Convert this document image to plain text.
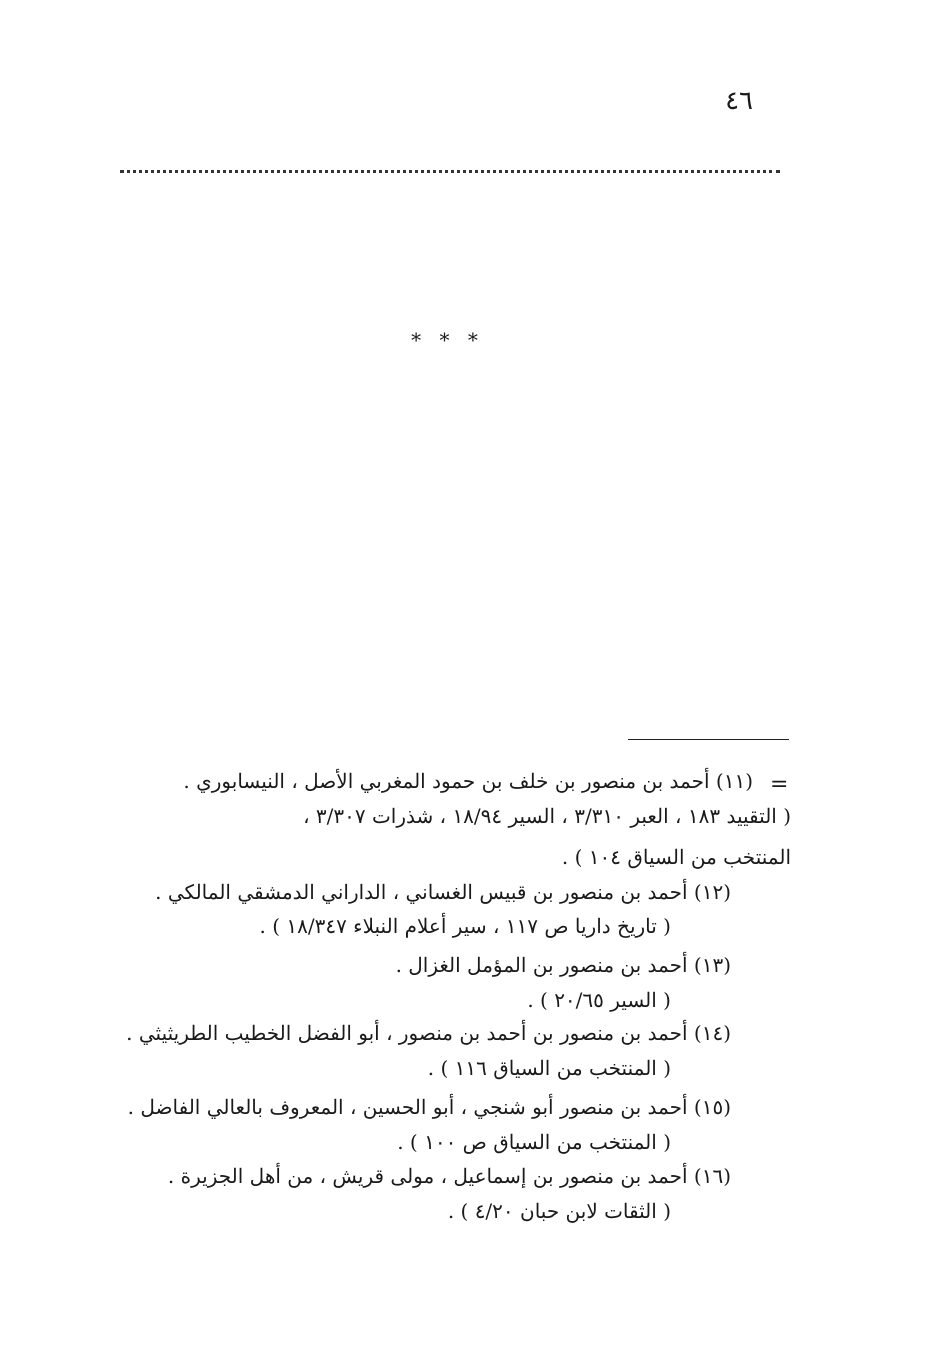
٤٦
* * *
=
(١١) أحمد بن منصور بن خلف بن حمود المغربي الأصل ، النيسابوري .
( التقييد ١٨٣ ، العبر ٣/٣١٠ ، السير ١٨/٩٤ ، شذرات ٣/٣٠٧ ،
المنتخب من السياق ١٠٤ ) .
(١٢) أحمد بن منصور بن قبيس الغساني ، الداراني الدمشقي المالكي .
( تاريخ داريا ص ١١٧ ، سير أعلام النبلاء ١٨/٣٤٧ ) .
(١٣) أحمد بن منصور بن المؤمل الغزال .
( السير ٢٠/٦٥ ) .
(١٤) أحمد بن منصور بن أحمد بن منصور ، أبو الفضل الخطيب الطريثيثي .
( المنتخب من السياق ١١٦ ) .
(١٥) أحمد بن منصور أبو شنجي ، أبو الحسين ، المعروف بالعالي الفاضل .
( المنتخب من السياق ص ١٠٠ ) .
(١٦) أحمد بن منصور بن إسماعيل ، مولى قريش ، من أهل الجزيرة .
( الثقات لابن حبان ٤/٢٠ ) .
